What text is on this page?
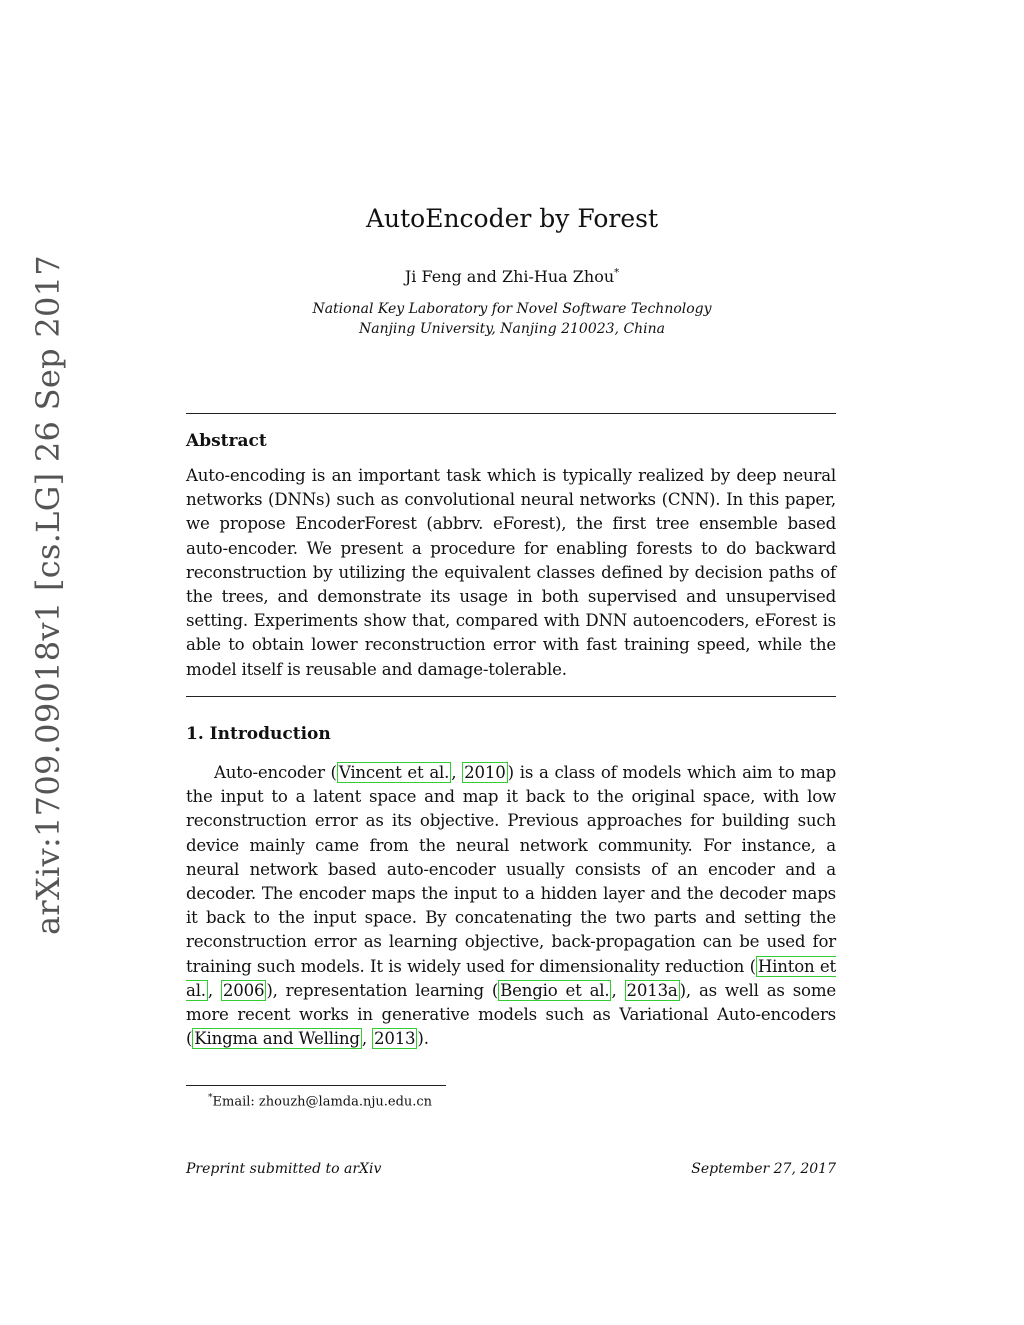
arXiv:1709.09018v1 [cs.LG] 26 Sep 2017
AutoEncoder by Forest
Ji Feng and Zhi-Hua Zhou*
National Key Laboratory for Novel Software Technology
Nanjing University, Nanjing 210023, China
Abstract
Auto-encoding is an important task which is typically realized by deep neural networks (DNNs) such as convolutional neural networks (CNN). In this paper, we propose EncoderForest (abbrv. eForest), the first tree ensemble based auto-encoder. We present a procedure for enabling forests to do backward reconstruction by utilizing the equivalent classes defined by decision paths of the trees, and demonstrate its usage in both supervised and unsupervised setting. Experiments show that, compared with DNN autoencoders, eForest is able to obtain lower reconstruction error with fast training speed, while the model itself is reusable and damage-tolerable.
1. Introduction
Auto-encoder ( Vincent et al. , 2010 ) is a class of models which aim to map the input to a latent space and map it back to the original space, with low reconstruction error as its objective. Previous approaches for building such device mainly came from the neural network community. For instance, a neural network based auto-encoder usually consists of an encoder and a decoder. The encoder maps the input to a hidden layer and the decoder maps it back to the input space. By concatenating the two parts and setting the reconstruction error as learning objective, back-propagation can be used for training such models. It is widely used for dimensionality reduction ( Hinton et al. , 2006 ), representation learning ( Bengio et al. , 2013a ), as well as some more recent works in generative models such as Variational Auto-encoders ( Kingma and Welling , 2013 ).
*Email: zhouzh@lamda.nju.edu.cn
Preprint submitted to arXiv	September 27, 2017
